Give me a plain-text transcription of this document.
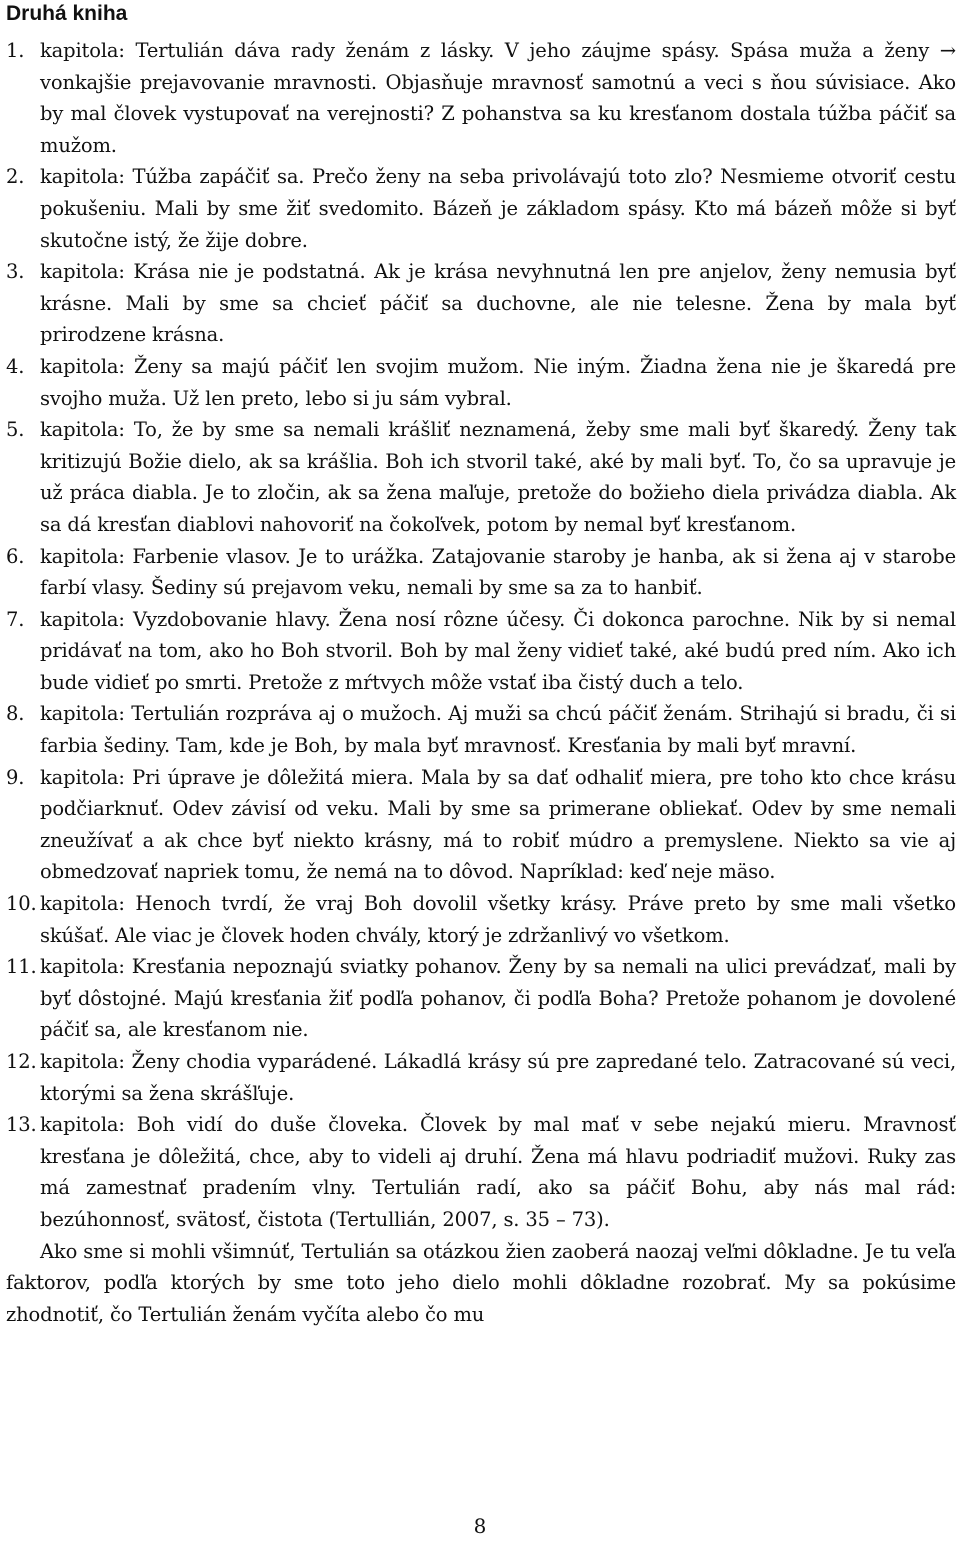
Druhá kniha
1. kapitola: Tertulián dáva rady ženám z lásky. V jeho záujme spásy. Spása muža a ženy → vonkajšie prejavovanie mravnosti. Objasňuje mravnosť samotnú a veci s ňou súvisiace. Ako by mal človek vystupovať na verejnosti? Z pohanstva sa ku kresťanom dostala túžba páčiť sa mužom.
2. kapitola: Túžba zapáčiť sa. Prečo ženy na seba privolávajú toto zlo? Nesmieme otvoriť cestu pokušeniu. Mali by sme žiť svedomito. Bázeň je základom spásy. Kto má bázeň môže si byť skutočne istý, že žije dobre.
3. kapitola: Krása nie je podstatná. Ak je krása nevyhnutná len pre anjelov, ženy nemusia byť krásne. Mali by sme sa chcieť páčiť sa duchovne, ale nie telesne. Žena by mala byť prirodzene krásna.
4. kapitola: Ženy sa majú páčiť len svojim mužom. Nie iným. Žiadna žena nie je škaredá pre svojho muža. Už len preto, lebo si ju sám vybral.
5. kapitola: To, že by sme sa nemali krášliť neznamená, žeby sme mali byť škaredý. Ženy tak kritizujú Božie dielo, ak sa krášlia. Boh ich stvoril také, aké by mali byť. To, čo sa upravuje je už práca diabla. Je to zločin, ak sa žena maľuje, pretože do božieho diela privádza diabla. Ak sa dá kresťan diablovi nahovoriť na čokoľvek, potom by nemal byť kresťanom.
6. kapitola: Farbenie vlasov. Je to urážka. Zatajovanie staroby je hanba, ak si žena aj v starobe farbí vlasy. Šediny sú prejavom veku, nemali by sme sa za to hanbiť.
7. kapitola: Vyzdobovanie hlavy. Žena nosí rôzne účesy. Či dokonca parochne. Nik by si nemal pridávať na tom, ako ho Boh stvoril. Boh by mal ženy vidieť také, aké budú pred ním. Ako ich bude vidieť po smrti. Pretože z mŕtvych môže vstať iba čistý duch a telo.
8. kapitola: Tertulián rozpráva aj o mužoch. Aj muži sa chcú páčiť ženám. Strihajú si bradu, či si farbia šediny. Tam, kde je Boh, by mala byť mravnosť. Kresťania by mali byť mravní.
9. kapitola: Pri úprave je dôležitá miera. Mala by sa dať odhaliť miera, pre toho kto chce krásu podčiarknuť. Odev závisí od veku. Mali by sme sa primerane obliekať. Odev by sme nemali zneužívať a ak chce byť niekto krásny, má to robiť múdro a premyslene. Niekto sa vie aj obmedzovať napriek tomu, že nemá na to dôvod. Napríklad: keď neje mäso.
10. kapitola: Henoch tvrdí, že vraj Boh dovolil všetky krásy. Práve preto by sme mali všetko skúšať. Ale viac je človek hoden chvály, ktorý je zdržanlivý vo všetkom.
11. kapitola: Kresťania nepoznajú sviatky pohanov. Ženy by sa nemali na ulici prevádzať, mali by byť dôstojné. Majú kresťania žiť podľa pohanov, či podľa Boha? Pretože pohanom je dovolené páčiť sa, ale kresťanom nie.
12. kapitola: Ženy chodia vyparádené. Lákadlá krásy sú pre zapredané telo. Zatracované sú veci, ktorými sa žena skrášľuje.
13. kapitola: Boh vidí do duše človeka. Človek by mal mať v sebe nejakú mieru. Mravnosť kresťana je dôležitá, chce, aby to videli aj druhí. Žena má hlavu podriadiť mužovi. Ruky zas má zamestnať pradením vlny. Tertulián radí, ako sa páčiť Bohu, aby nás mal rád: bezúhonnosť, svätosť, čistota (Tertullián, 2007, s. 35 – 73).

Ako sme si mohli všimnúť, Tertulián sa otázkou žien zaoberá naozaj veľmi dôkladne. Je tu veľa faktorov, podľa ktorých by sme toto jeho dielo mohli dôkladne rozobrať. My sa pokúsime zhodnotiť, čo Tertulián ženám vyčíta alebo čo mu

8
